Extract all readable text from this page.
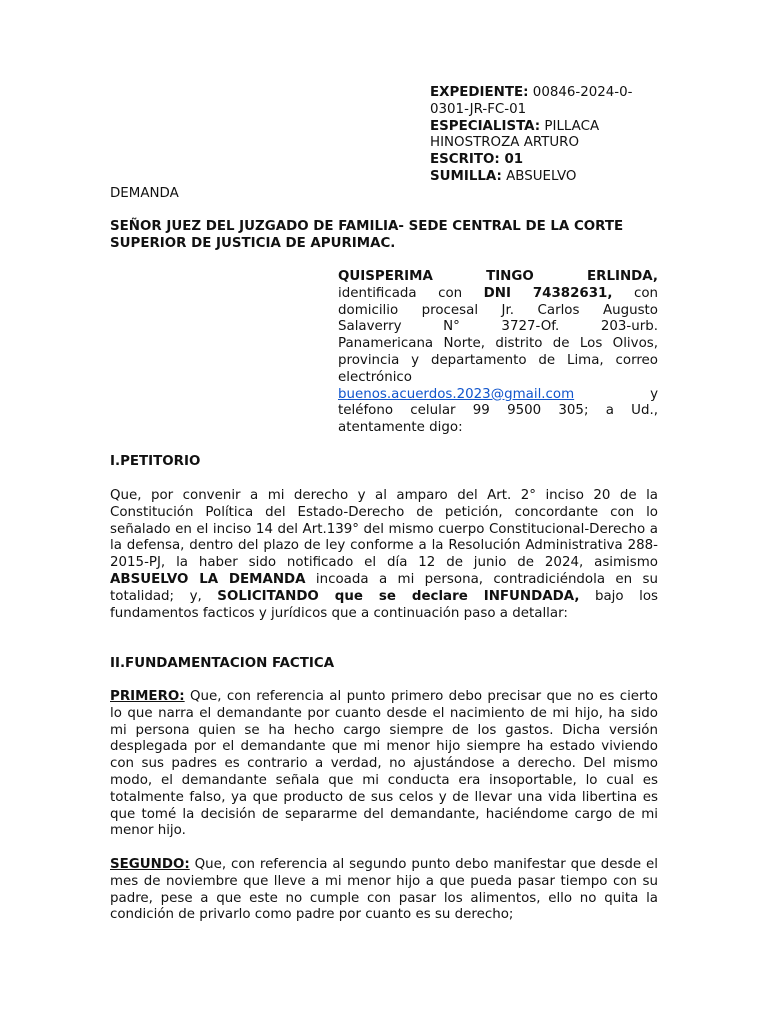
EXPEDIENTE: 00846-2024-0-

0301-JR-FC-01

ESPECIALISTA: PILLACA

HINOSTROZA ARTURO

ESCRITO: 01

SUMILLA: ABSUELVO

DEMANDA
SEÑOR JUEZ DEL JUZGADO DE FAMILIA- SEDE CENTRAL DE LA CORTE SUPERIOR DE JUSTICIA DE APURIMAC.

QUISPERIMA TINGO ERLINDA,

identificada con DNI 74382631, con

domicilio procesal Jr. Carlos Augusto

Salaverry N° 3727-Of. 203-urb.

Panamericana Norte, distrito de Los Olivos,

provincia y departamento de Lima, correo

electrónico

buenos.acuerdos.2023@gmail.com	y

teléfono celular 99 9500 305; a Ud.,

atentamente digo:

I.PETITORIO

Que, por convenir a mi derecho y al amparo del Art. 2° inciso 20 de la Constitución Política del Estado-Derecho de petición, concordante con lo señalado en el inciso 14 del Art.139° del mismo cuerpo Constitucional-Derecho a la defensa, dentro del plazo de ley conforme a la Resolución Administrativa 288-2015-PJ, la haber sido notificado el día 12 de junio de 2024, asimismo ABSUELVO LA DEMANDA incoada a mi persona, contradiciéndola en su totalidad; y, SOLICITANDO que se declare INFUNDADA, bajo los fundamentos facticos y jurídicos que a continuación paso a detallar:

II.FUNDAMENTACION FACTICA

PRIMERO: Que, con referencia al punto primero debo precisar que no es cierto lo que narra el demandante por cuanto desde el nacimiento de mi hijo, ha sido mi persona quien se ha hecho cargo siempre de los gastos. Dicha versión desplegada por el demandante que mi menor hijo siempre ha estado viviendo con sus padres es contrario a verdad, no ajustándose a derecho. Del mismo modo, el demandante señala que mi conducta era insoportable, lo cual es totalmente falso, ya que producto de sus celos y de llevar una vida libertina es que tomé la decisión de separarme del demandante, haciéndome cargo de mi menor hijo.

SEGUNDO: Que, con referencia al segundo punto debo manifestar que desde el mes de noviembre que lleve a mi menor hijo a que pueda pasar tiempo con su padre, pese a que este no cumple con pasar los alimentos, ello no quita la condición de privarlo como padre por cuanto es su derecho;
